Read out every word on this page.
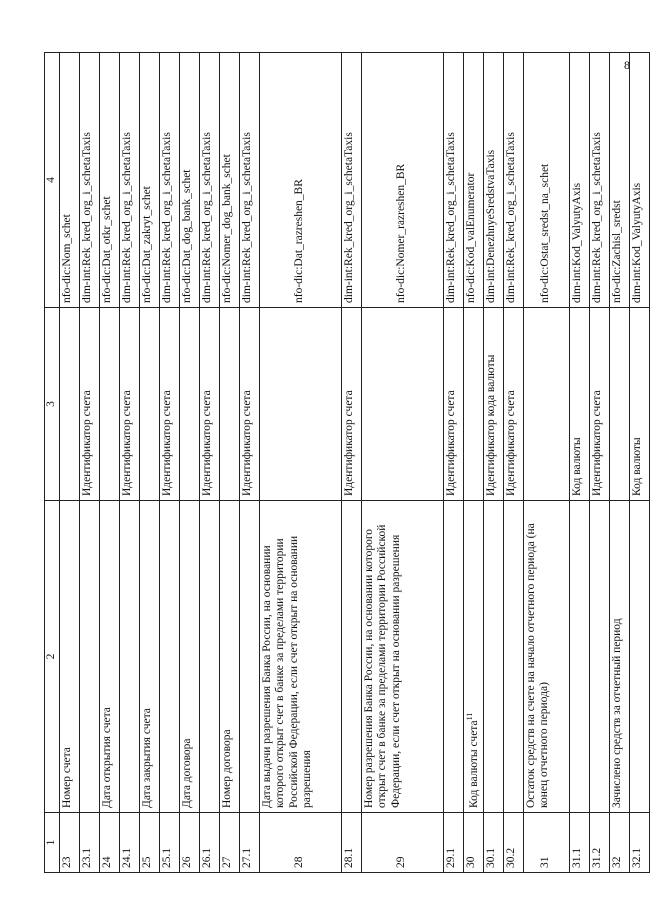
8
1	2	3	4
23	Номер счета		nfo-dic:Nom_schet
23.1		Идентификатор счета	dim-int:Rek_kred_org_i_schetaTaxis
24	Дата открытия счета		nfo-dic:Dat_otkr_schet
24.1		Идентификатор счета	dim-int:Rek_kred_org_i_schetaTaxis
25	Дата закрытия счета		nfo-dic:Dat_zakryt_schet
25.1		Идентификатор счета	dim-int:Rek_kred_org_i_schetaTaxis
26	Дата договора		nfo-dic:Dat_dog_bank_schet
26.1		Идентификатор счета	dim-int:Rek_kred_org_i_schetaTaxis
27	Номер договора		nfo-dic:Nomer_dog_bank_schet
27.1		Идентификатор счета	dim-int:Rek_kred_org_i_schetaTaxis
28	Дата выдачи разрешения Банка России, на основании которого открыт счет в банке за пределами территории Российской Федерации, если счет открыт на основании разрешения		nfo-dic:Dat_razreshen_BR
28.1		Идентификатор счета	dim-int:Rek_kred_org_i_schetaTaxis
29	Номер разрешения Банка России, на основании которого открыт счет в банке за пределами территории Российской Федерации, если счет открыт на основании разрешения		nfo-dic:Nomer_razreshen_BR
29.1		Идентификатор счета	dim-int:Rek_kred_org_i_schetaTaxis
30	Код валюты счета$^{11}$		nfo-dic:Kod_valEnumerator
30.1		Идентификатор кода валюты	dim-int:DenezhnyeSredstvaTaxis
30.2		Идентификатор счета	dim-int:Rek_kred_org_i_schetaTaxis
31	Остаток средств на счете на начало отчетного периода (на конец отчетного периода)		nfo-dic:Ostat_sredst_na_schet
31.1		Код валюты	dim-int:Kod_ValyutyAxis
31.2		Идентификатор счета	dim-int:Rek_kred_org_i_schetaTaxis
32	Зачислено средств за отчетный период		nfo-dic:Zachisl_sredst
32.1		Код валюты	dim-int:Kod_ValyutyAxis
